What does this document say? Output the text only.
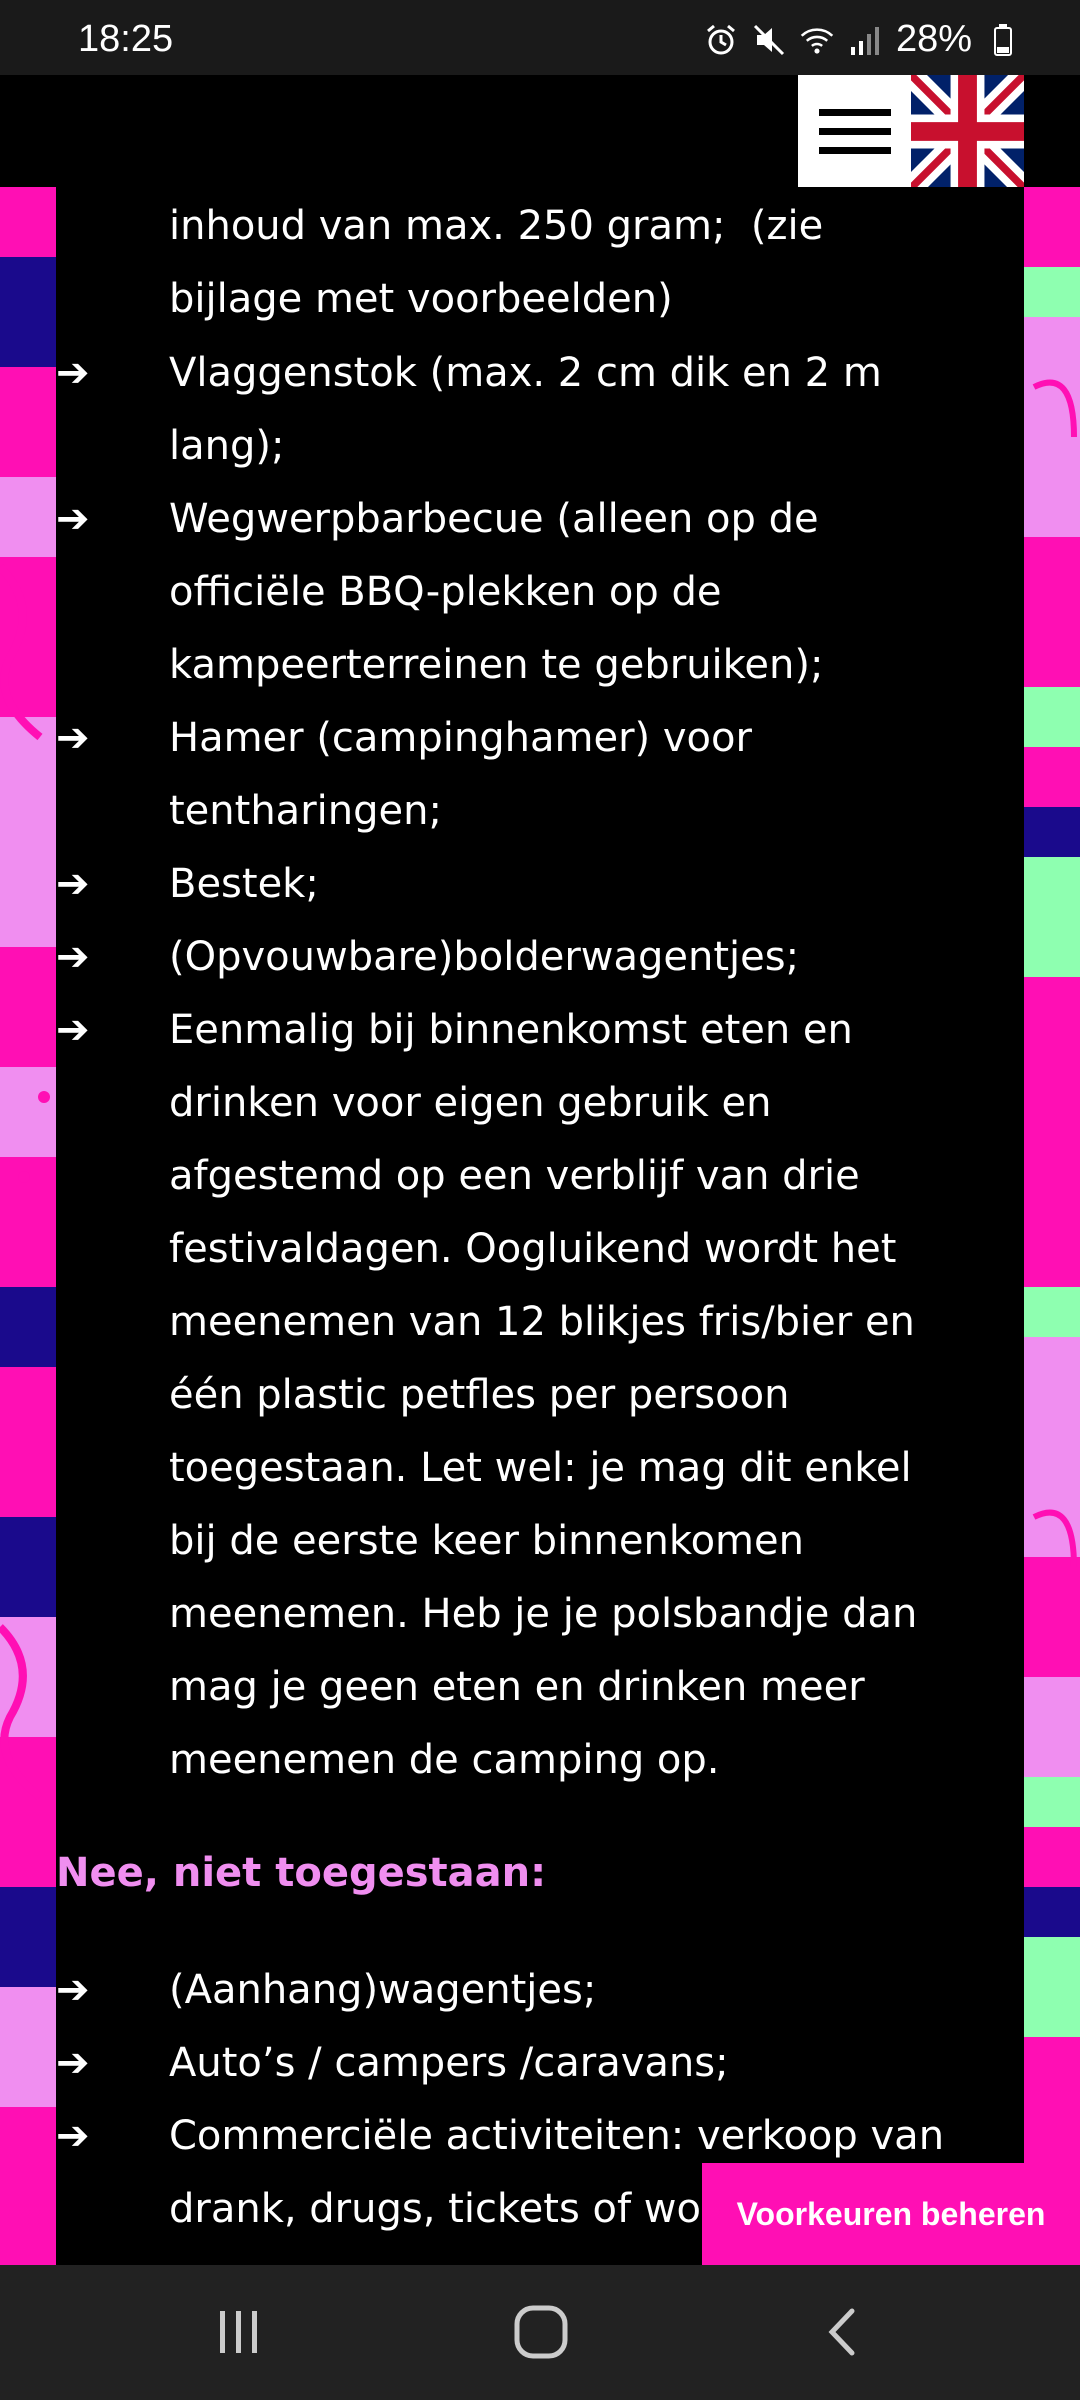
18:25	28%
inhoud van max. 250 gram;  (zie
bijlage met voorbeelden)
➔	Vlaggenstok (max. 2 cm dik en 2 m
lang);
➔	Wegwerpbarbecue (alleen op de
officiële BBQ-plekken op de
kampeerterreinen te gebruiken);
➔	Hamer (campinghamer) voor
tentharingen;
➔	Bestek;
➔	(Opvouwbare)bolderwagentjes;
➔	Eenmalig bij binnenkomst eten en
drinken voor eigen gebruik en
afgestemd op een verblijf van drie
festivaldagen. Oogluikend wordt het
meenemen van 12 blikjes fris/bier en
één plastic petfles per persoon
toegestaan. Let wel: je mag dit enkel
bij de eerste keer binnenkomen
meenemen. Heb je je polsbandje dan
mag je geen eten en drinken meer
meenemen de camping op.
Nee, niet toegestaan:
➔	(Aanhang)wagentjes;
➔	Auto’s / campers /caravans;
➔	Commerciële activiteiten: verkoop van
drank, drugs, tickets of wo	Voorkeuren beheren
